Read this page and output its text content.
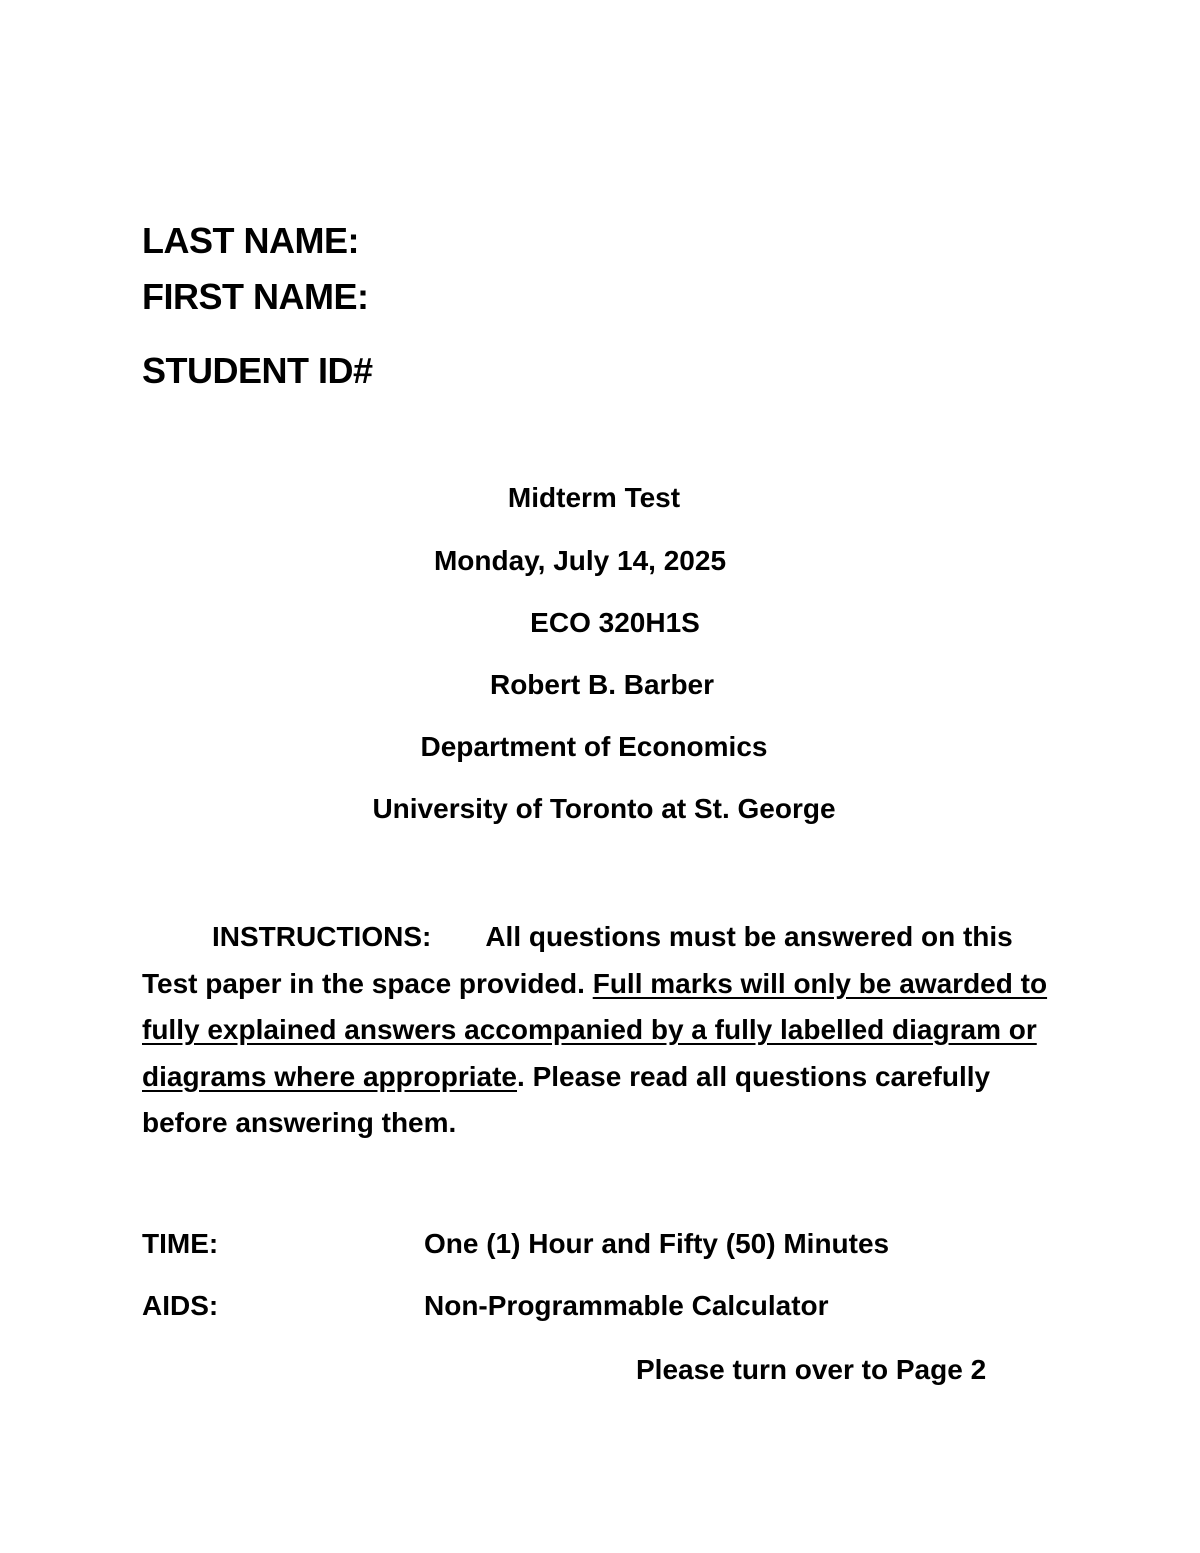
LAST NAME:
FIRST NAME:
STUDENT ID#
Midterm Test
Monday, July 14, 2025
ECO 320H1S
Robert B. Barber
Department of Economics
University of Toronto at St. George
INSTRUCTIONS: All questions must be answered on this Test paper in the space provided. Full marks will only be awarded to fully explained answers accompanied by a fully labelled diagram or diagrams where appropriate. Please read all questions carefully before answering them.
TIME:	One (1) Hour and Fifty (50) Minutes
AIDS:	Non-Programmable Calculator
Please turn over to Page 2
